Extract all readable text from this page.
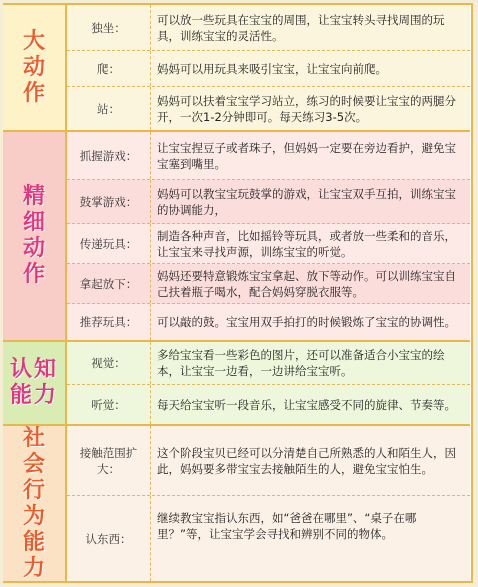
大
动
作
独坐：
可以放一些玩具在宝宝的周围，让宝宝转头寻找周围的玩具，训练宝宝的灵活性。
爬：	妈妈可以用玩具来吸引宝宝，让宝宝向前爬。
站：
妈妈可以扶着宝宝学习站立，练习的时候要让宝宝的两腿分开，一次1-2分钟即可。每天练习3-5次。
精
细
动
作
抓握游戏：
让宝宝捏豆子或者珠子，但妈妈一定要在旁边看护，避免宝宝塞到嘴里。
鼓掌游戏：
妈妈可以教宝宝玩鼓掌的游戏，让宝宝双手互拍，训练宝宝的协调能力，
传递玩具：
制造各种声音，比如摇铃等玩具，或者放一些柔和的音乐，让宝宝来寻找声源，训练宝宝的听觉。
拿起放下：
妈妈还要特意锻炼宝宝拿起、放下等动作。可以训练宝宝自己扶着瓶子喝水，配合妈妈穿脱衣服等。
推荐玩具：	可以敲的鼓。宝宝用双手拍打的时候锻炼了宝宝的协调性。
认 知
能 力
视觉：
多给宝宝看一些彩色的图片，还可以准备适合小宝宝的绘本，让宝宝一边看，一边讲给宝宝听。
听觉：	每天给宝宝听一段音乐，让宝宝感受不同的旋律、节奏等。
社
会
行
为
能
力
接触范围扩大：
这个阶段宝贝已经可以分清楚自己所熟悉的人和陌生人，因此，妈妈要多带宝宝去接触陌生的人，避免宝宝怕生。
认东西：
继续教宝宝指认东西，如“爸爸在哪里”、“桌子在哪里？”等，让宝宝学会寻找和辨别不同的物体。
